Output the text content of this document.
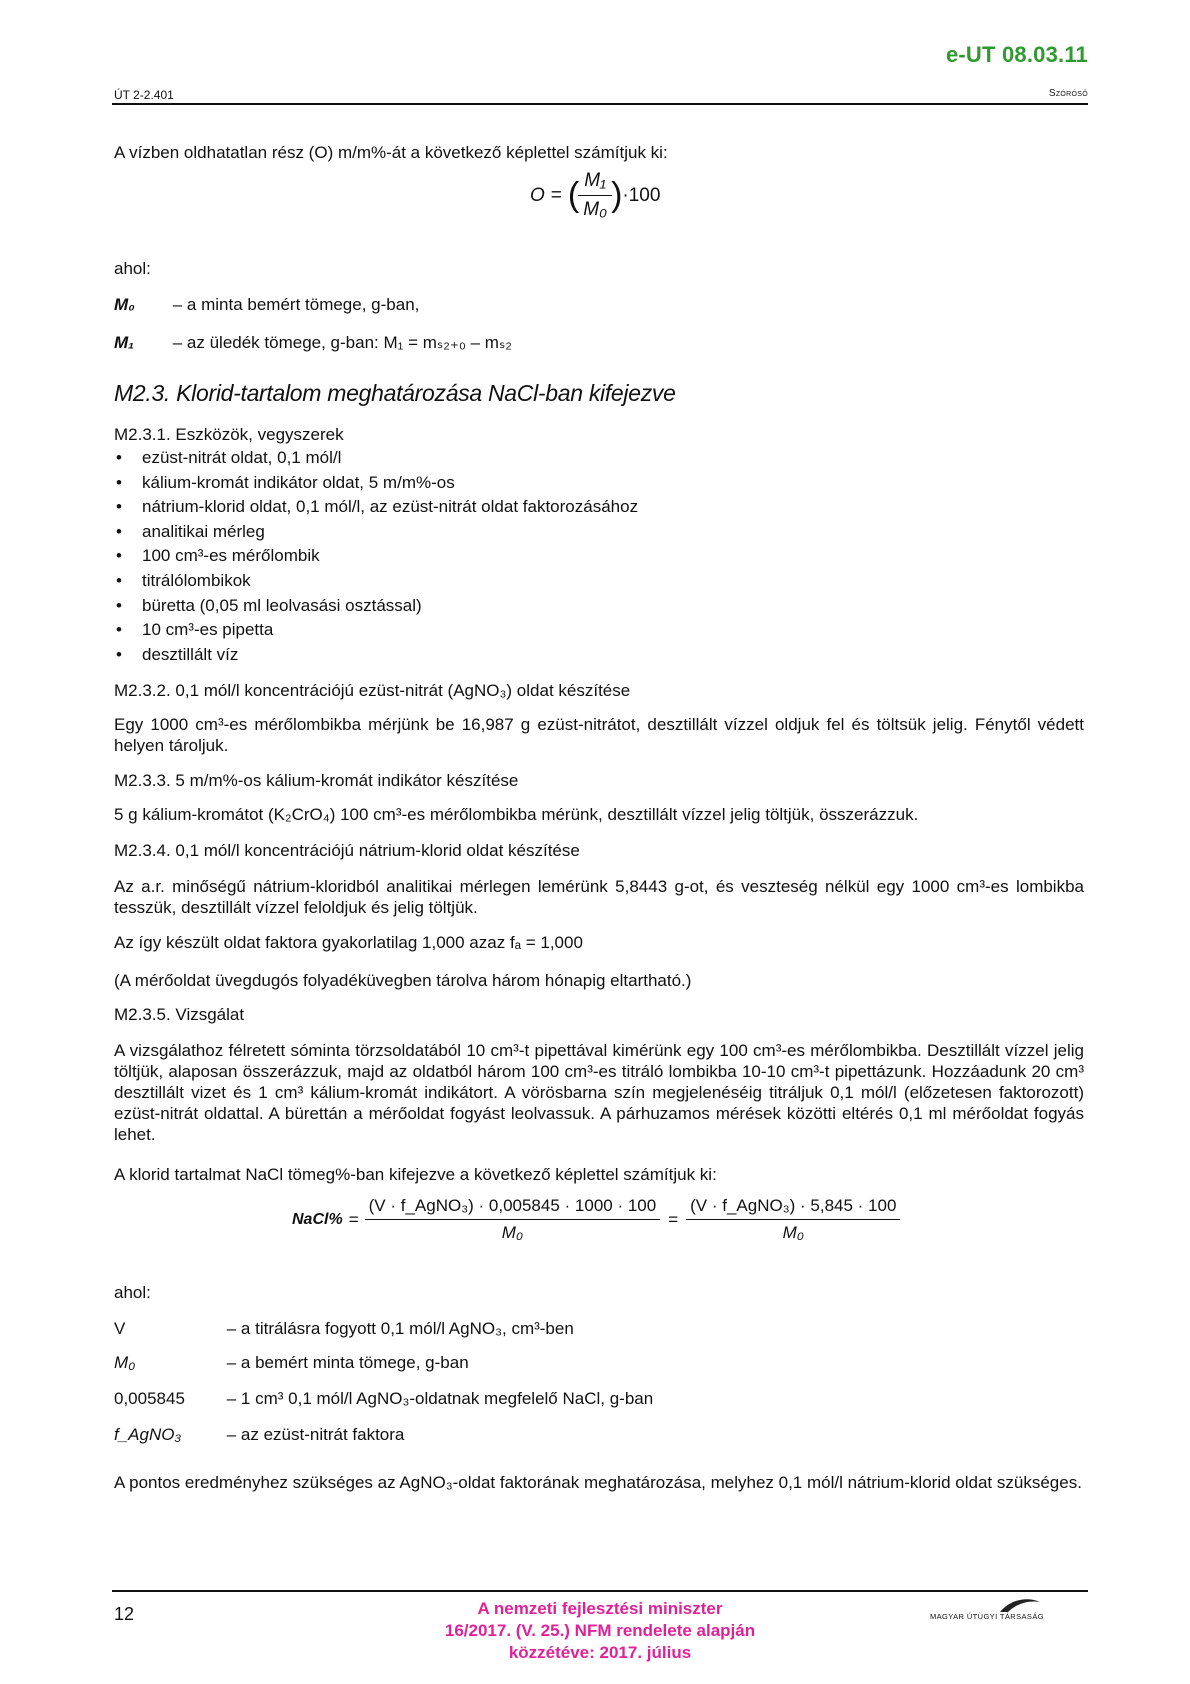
e-UT 08.03.11
ÚT 2-2.401	Szóróső
A vízben oldhatatlan rész (O) m/m%-át a következő képlettel számítjuk ki:
O = (
$\frac{\text{M₁}}{\text{M₀}}$
) ·100
ahol:
M₀ – a minta bemért tömege, g-ban,
M₁ – az üledék tömege, g-ban: M₁ = mₛ₂₊₀ – mₛ₂
M2.3. Klorid-tartalom meghatározása NaCl-ban kifejezve
M2.3.1. Eszközök, vegyszerek
• ezüst-nitrát oldat, 0,1 mól/l
• kálium-kromát indikátor oldat, 5 m/m%-os
• nátrium-klorid oldat, 0,1 mól/l, az ezüst-nitrát oldat faktorozásához
• analitikai mérleg
• 100 cm³-es mérőlombik
• titrálólombikok
• büretta (0,05 ml leolvasási osztással)
• 10 cm³-es pipetta
• desztillált víz
M2.3.2. 0,1 mól/l koncentrációjú ezüst-nitrát (AgNO₃) oldat készítése
Egy 1000 cm³-es mérőlombikba mérjünk be 16,987 g ezüst-nitrátot, desztillált vízzel oldjuk fel és töltsük jelig. Fénytől védett helyen tároljuk.
M2.3.3. 5 m/m%-os kálium-kromát indikátor készítése
5 g kálium-kromátot (K₂CrO₄) 100 cm³-es mérőlombikba mérünk, desztillált vízzel jelig töltjük, összerázzuk.
M2.3.4. 0,1 mól/l koncentrációjú nátrium-klorid oldat készítése
Az a.r. minőségű nátrium-kloridból analitikai mérlegen lemérünk 5,8443 g-ot, és veszteség nélkül egy 1000 cm³-es lombikba tesszük, desztillált vízzel feloldjuk és jelig töltjük.
Az így készült oldat faktora gyakorlatilag 1,000 azaz fₐ = 1,000
(A mérőoldat üvegdugós folyadéküvegben tárolva három hónapig eltartható.)
M2.3.5. Vizsgálat
A vizsgálathoz félretett sóminta törzsoldatából 10 cm³-t pipettával kimérünk egy 100 cm³-es mérőlombikba. Desztillált vízzel jelig töltjük, alaposan összerázzuk, majd az oldatból három 100 cm³-es titráló lombikba 10-10 cm³-t pipettázunk. Hozzáadunk 20 cm³ desztillált vizet és 1 cm³ kálium-kromát indikátort. A vörösbarna szín megjelenéséig titráljuk 0,1 mól/l (előzetesen faktorozott) ezüst-nitrát oldattal. A bürettán a mérőoldat fogyást leolvassuk. A párhuzamos mérések közötti eltérés 0,1 ml mérőoldat fogyás lehet.
A klorid tartalmat NaCl tömeg%-ban kifejezve a következő képlettel számítjuk ki:
NaCl% = $\frac{\text{(V · f\_AgNO₃) · 0,005845 · 1000 · 100}}{\text{M₀}} = \frac{\text{(V · f\_AgNO₃) · 5,845 · 100}}{\text{M₀}}$
ahol:
V	– a titrálásra fogyott 0,1 mól/l AgNO₃, cm³-ben
M₀	– a bemért minta tömege, g-ban
0,005845 – 1 cm³ 0,1 mól/l AgNO₃-oldatnak megfelelő NaCl, g-ban
f_AgNO₃	– az ezüst-nitrát faktora
A pontos eredményhez szükséges az AgNO₃-oldat faktorának meghatározása, melyhez 0,1 mól/l nátrium-klorid oldat szükséges.
12	A nemzeti fejlesztési miniszter
16/2017. (V. 25.) NFM rendelete alapján
közzétéve: 2017. július
MAGYAR ÚTÜGYI TÁRSASÁG
